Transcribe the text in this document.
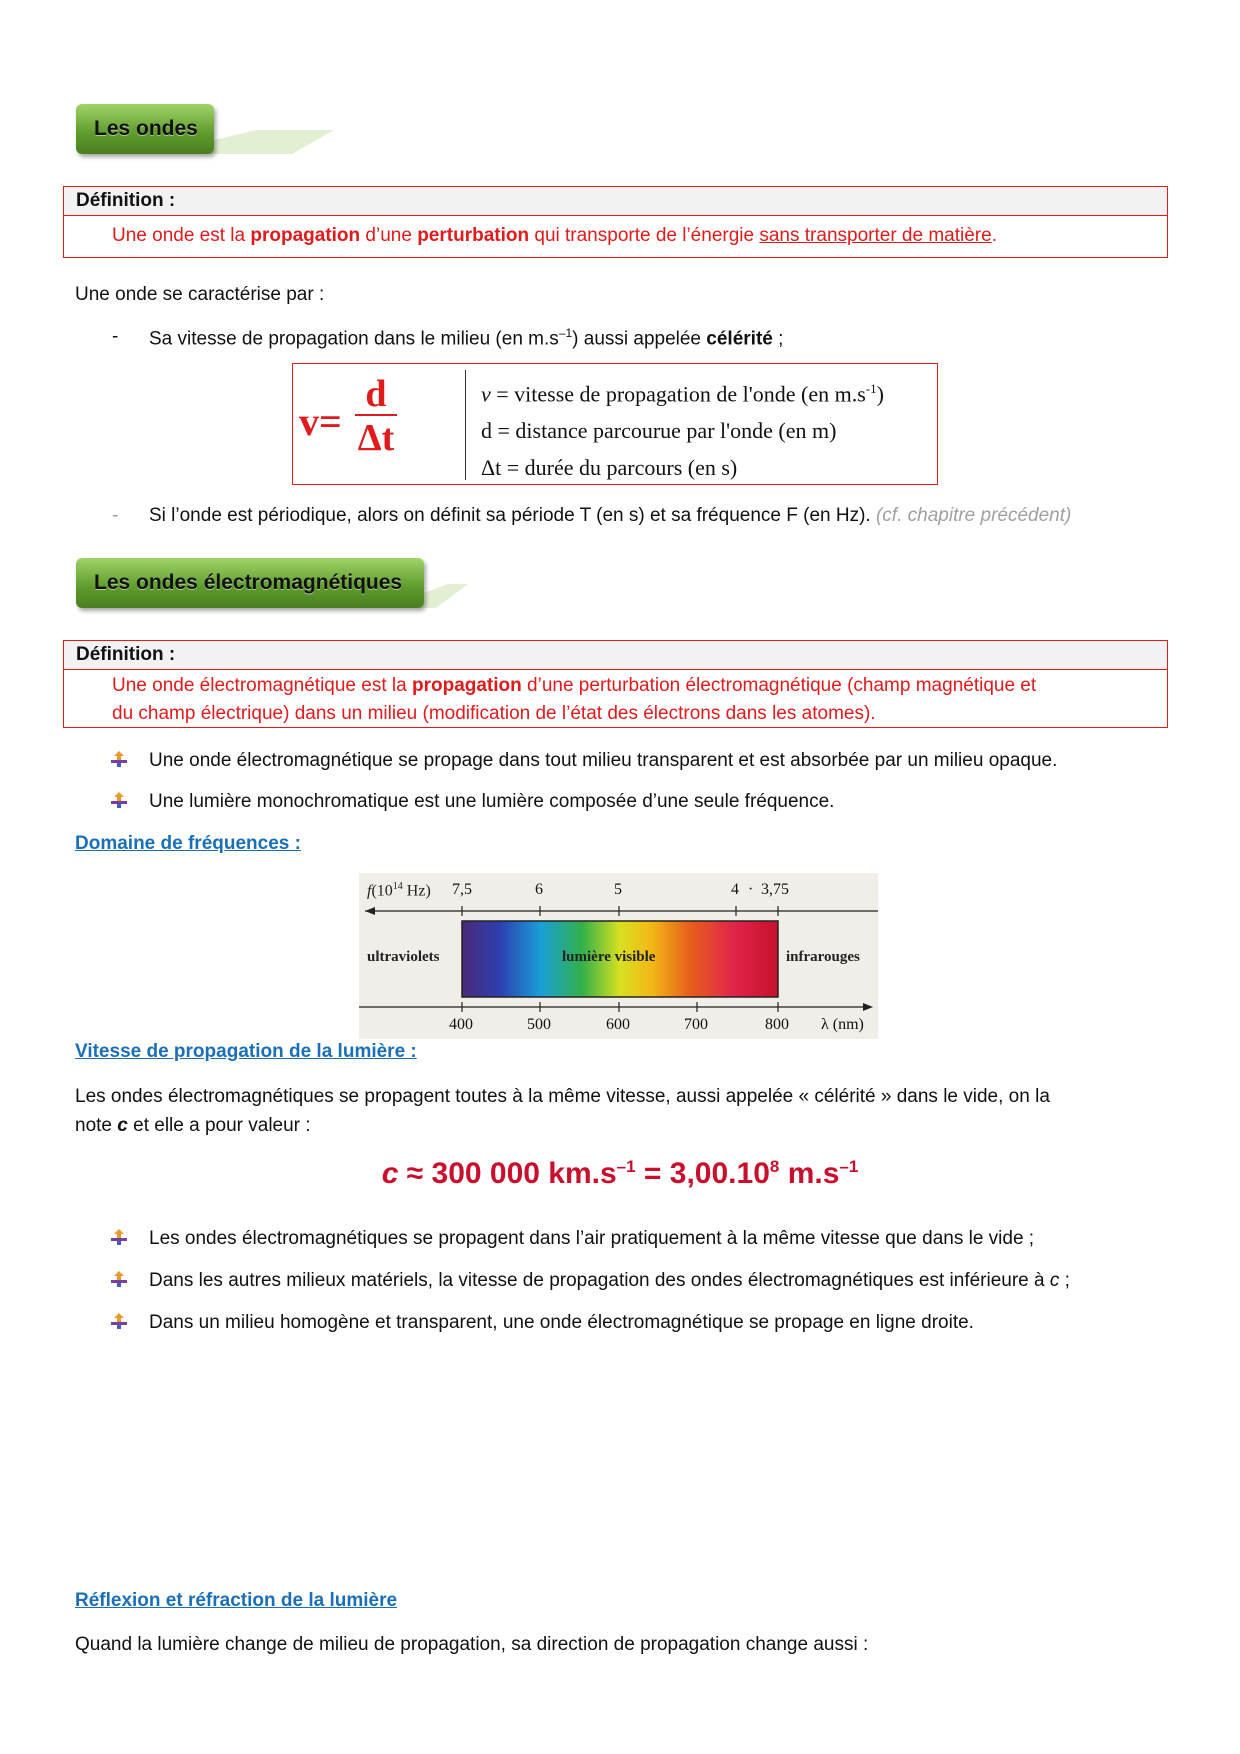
Les ondes
Définition :
Une onde est la propagation d’une perturbation qui transporte de l’énergie sans transporter de matière.
Une onde se caractérise par :
- Sa vitesse de propagation dans le milieu (en $m.s^{-1}$) aussi appelée célérité ;
v=
d
Δt
v = vitesse de propagation de l'onde (en $m.s^{-1}$)
d = distance parcourue par l'onde (en m)
Δt = durée du parcours (en s)
- Si l’onde est périodique, alors on définit sa période T (en s) et sa fréquence F (en Hz). (cf. chapitre précédent)
Les ondes électromagnétiques
Définition :
Une onde électromagnétique est la propagation d’une perturbation électromagnétique (champ magnétique et
du champ électrique) dans un milieu (modification de l’état des électrons dans les atomes).
Une onde électromagnétique se propage dans tout milieu transparent et est absorbée par un milieu opaque.
Une lumière monochromatique est une lumière composée d’une seule fréquence.
Domaine de fréquences :
$f(10^{14}$ Hz) 7,5	6	5	4 · 3,75
ultraviolets	lumière visible	infrarouges
400	500	600	700	800 λ (nm)
Vitesse de propagation de la lumière :
Les ondes électromagnétiques se propagent toutes à la même vitesse, aussi appelée « célérité » dans le vide, on la
note c et elle a pour valeur :
c ≈ 300 000 $km.s^{-1} = 3,00.10^8$ $m.s^{-1}$
Les ondes électromagnétiques se propagent dans l’air pratiquement à la même vitesse que dans le vide ;
Dans les autres milieux matériels, la vitesse de propagation des ondes électromagnétiques est inférieure à c ;
Dans un milieu homogène et transparent, une onde électromagnétique se propage en ligne droite.
Réflexion et réfraction de la lumière
Quand la lumière change de milieu de propagation, sa direction de propagation change aussi :
